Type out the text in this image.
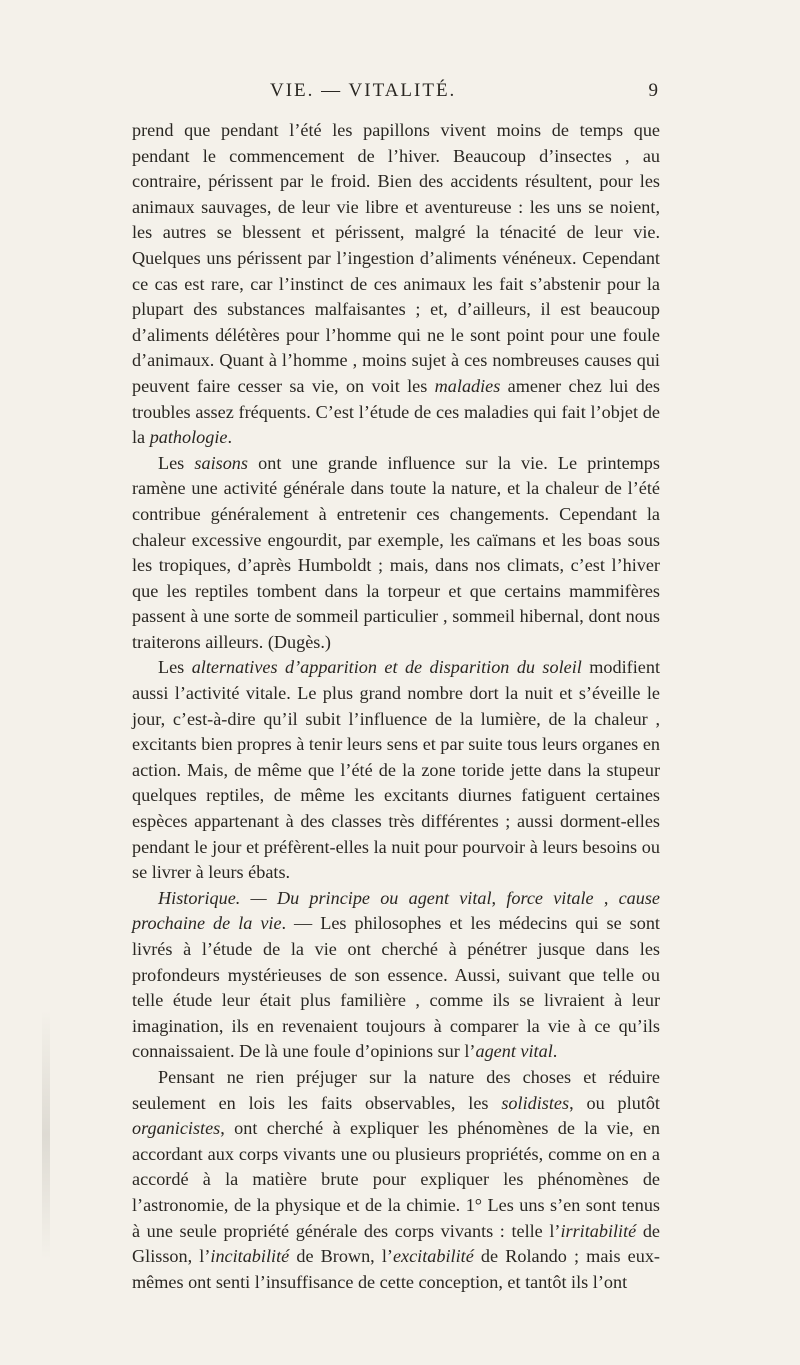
VIE. — VITALITÉ.	9

prend que pendant l’été les papillons vivent moins de temps que pendant le commencement de l’hiver. Beaucoup d’insectes , au contraire, périssent par le froid. Bien des accidents résultent, pour les animaux sauvages, de leur vie libre et aventureuse : les uns se noient, les autres se blessent et périssent, malgré la ténacité de leur vie. Quelques uns périssent par l’ingestion d’aliments vénéneux. Cependant ce cas est rare, car l’instinct de ces animaux les fait s’abstenir pour la plupart des substances malfaisantes ; et, d’ailleurs, il est beaucoup d’aliments délétères pour l’homme qui ne le sont point pour une foule d’animaux. Quant à l’homme , moins sujet à ces nombreuses causes qui peuvent faire cesser sa vie, on voit les maladies amener chez lui des troubles assez fréquents. C’est l’étude de ces maladies qui fait l’objet de la pathologie.

Les saisons ont une grande influence sur la vie. Le printemps ramène une activité générale dans toute la nature, et la chaleur de l’été contribue généralement à entretenir ces changements. Cependant la chaleur excessive engourdit, par exemple, les caïmans et les boas sous les tropiques, d’après Humboldt ; mais, dans nos climats, c’est l’hiver que les reptiles tombent dans la torpeur et que certains mammifères passent à une sorte de sommeil particulier , sommeil hibernal, dont nous traiterons ailleurs. (Dugès.)

Les alternatives d’apparition et de disparition du soleil modifient aussi l’activité vitale. Le plus grand nombre dort la nuit et s’éveille le jour, c’est-à-dire qu’il subit l’influence de la lumière, de la chaleur , excitants bien propres à tenir leurs sens et par suite tous leurs organes en action. Mais, de même que l’été de la zone toride jette dans la stupeur quelques reptiles, de même les excitants diurnes fatiguent certaines espèces appartenant à des classes très différentes ; aussi dorment-elles pendant le jour et préfèrent-elles la nuit pour pourvoir à leurs besoins ou se livrer à leurs ébats.

Historique. — Du principe ou agent vital, force vitale , cause prochaine de la vie. — Les philosophes et les médecins qui se sont livrés à l’étude de la vie ont cherché à pénétrer jusque dans les profondeurs mystérieuses de son essence. Aussi, suivant que telle ou telle étude leur était plus familière , comme ils se livraient à leur imagination, ils en revenaient toujours à comparer la vie à ce qu’ils connaissaient. De là une foule d’opinions sur l’agent vital.

Pensant ne rien préjuger sur la nature des choses et réduire seulement en lois les faits observables, les solidistes, ou plutôt organicistes, ont cherché à expliquer les phénomènes de la vie, en accordant aux corps vivants une ou plusieurs propriétés, comme on en a accordé à la matière brute pour expliquer les phénomènes de l’astronomie, de la physique et de la chimie. 1° Les uns s’en sont tenus à une seule propriété générale des corps vivants : telle l’irritabilité de Glisson, l’incitabilité de Brown, l’excitabilité de Rolando ; mais eux-mêmes ont senti l’insuffisance de cette conception, et tantôt ils l’ont
